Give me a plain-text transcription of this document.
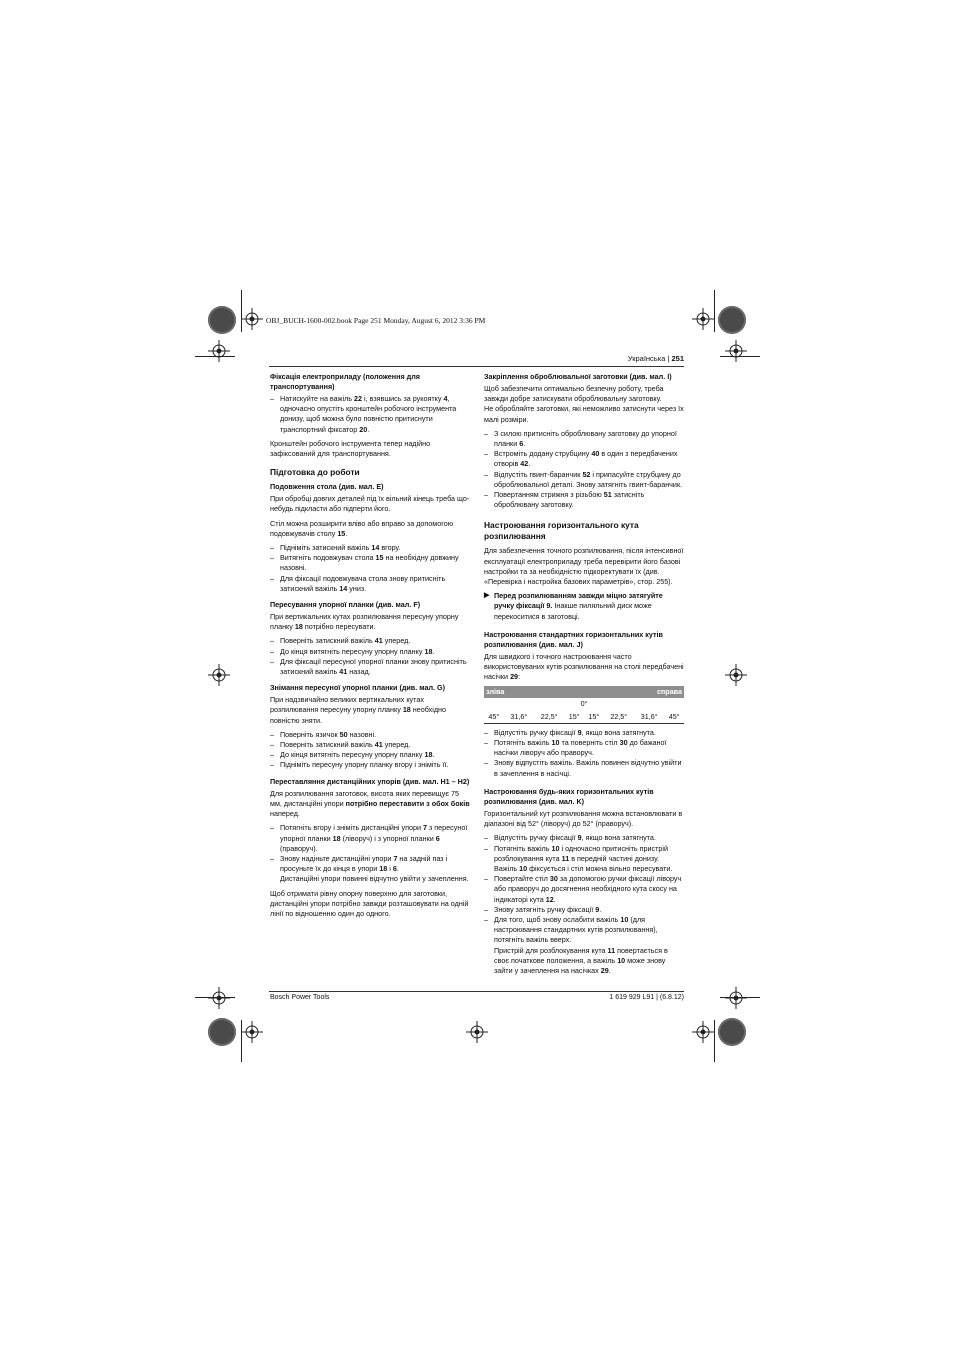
OBJ_BUCH-1600-002.book Page 251 Monday, August 6, 2012 3:36 PM
Українська | 251
Фіксація електроприладу (положення для транспортування)
– Натискуйте на важіль 22 і, взявшись за рукоятку 4, одночасно опустіть кронштейн робочого інструмента донизу, щоб можна було повністю притиснути транспортний фіксатор 20.

Кронштейн робочого інструмента тепер надійно зафіксований для транспортування.

Підготовка до роботи
Подовження стола (див. мал. E)

При обробці довгих деталей під їх вільний кінець треба що-небудь підкласти або підперти його.

Стіл можна розширити вліво або вправо за допомогою подовжувачів столу 15.

– Підніміть затискний важіль 14 вгору.
– Витягніть подовжувач стола 15 на необхідну довжину назовні.
– Для фіксації подовжувача стола знову притисніть затискний важіль 14 униз.
Пересування упорної планки (див. мал. F)

При вертикальних кутах розпилювання пересуну упорну планку 18 потрібно пересувати.

– Поверніть затискний важіль 41 уперед.
– До кінця витягніть пересуну упорну планку 18.
– Для фіксації пересуної упорної планки знову притисніть затискний важіль 41 назад.
Знімання пересуної упорної планки (див. мал. G)

При надзвичайно великих вертикальних кутах розпилювання пересуну упорну планку 18 необхідно повністю зняти.

– Поверніть язичок 50 назовні.
– Поверніть затискний важіль 41 уперед.
– До кінця витягніть пересуну упорну планку 18.
– Підніміть пересуну упорну планку вгору і зніміть її.
Переставляння дистанційних упорів (див. мал. H1 – H2)

Для розпилювання заготовок, висота яких перевищує 75 мм, дистанційні упори потрібно переставити з обох боків наперед.

– Потягніть вгору і зніміть дистанційні упори 7 з пересуної упорної планки 18 (ліворуч) і з упорної планки 6 (праворуч).
– Знову надіньте дистанційні упори 7 на задній паз і просуньте їх до кінця в упори 18 і 6.
Дистанційні упори повинні відчутно увійти у зачеплення.

Щоб отримати рівну опорну поверхню для заготовки, дистанційні упори потрібно завжди розташовувати на одній лінії по відношенню один до одного.

Закріплення оброблювальної заготовки (див. мал. I)

Щоб забезпечити оптимально безпечну роботу, треба завжди добре затискувати оброблювальну заготовку.

Не обробляйте заготовки, які неможливо затиснути через їх малі розміри.

– З силою притисніть оброблювану заготовку до упорної планки 6.
– Встроміть додану струбцину 40 в один з передбачених отворів 42.
– Відпустіть гвинт-баранчик 52 і припасуйте струбцину до оброблювальної деталі. Знову затягніть гвинт-баранчик.
– Повертанням стрижня з різьбою 51 затисніть оброблювану заготовку.
Настроювання горизонтального кута розпилювання

Для забезпечення точного розпилювання, після інтенсивної експлуатації електроприладу треба перевірити його базові настройки та за необхідністю підкоректувати їх (див. «Перевірка і настройка базових параметрів», стор. 255).

▶ Перед розпилюванням завжди міцно затягуйте ручку фіксації 9. Інакше пиляльний диск може перекоситися в заготовці.
Настроювання стандартних горизонтальних кутів розпилювання (див. мал. J)

Для швидкого і точного настроювання часто використовуваних кутів розпилювання на столі передбачені насічки 29:

зліва				справа			
0°							
45°	31,6°	22,5°	15°	15°	22,5°	31,6°	45°
– Відпустіть ручку фіксації 9, якщо вона затягнута.
– Потягніть важіль 10 та поверніть стіл 30 до бажаної насічки ліворуч або праворуч.
– Знову відпустіть важіль. Важіль повинен відчутно увійти в зачеплення в насічці.
Настроювання будь-яких горизонтальних кутів розпилювання (див. мал. K)

Горизонтальний кут розпилювання можна встановлювати в діапазоні від 52° (ліворуч) до 52° (праворуч).

– Відпустіть ручку фіксації 9, якщо вона затягнута.
– Потягніть важіль 10 і одночасно притисніть пристрій розблокування кута 11 в передній частині донизу.
Важіль 10 фіксується і стіл можна вільно пересувати.
– Повертайте стіл 30 за допомогою ручки фіксації ліворуч або праворуч до досягнення необхідного кута скосу на індикаторі кута 12.
– Знову затягніть ручку фіксації 9.
– Для того, щоб знову ослабити важіль 10 (для настроювання стандартних кутів розпилювання), потягніть важіль вверх.
Пристрій для розблокування кута 11 повертається в своє початкове положення, а важіль 10 може знову зайти у зачеплення на насічках 29.
Bosch Power Tools	1 619 929 L91 | (6.8.12)
